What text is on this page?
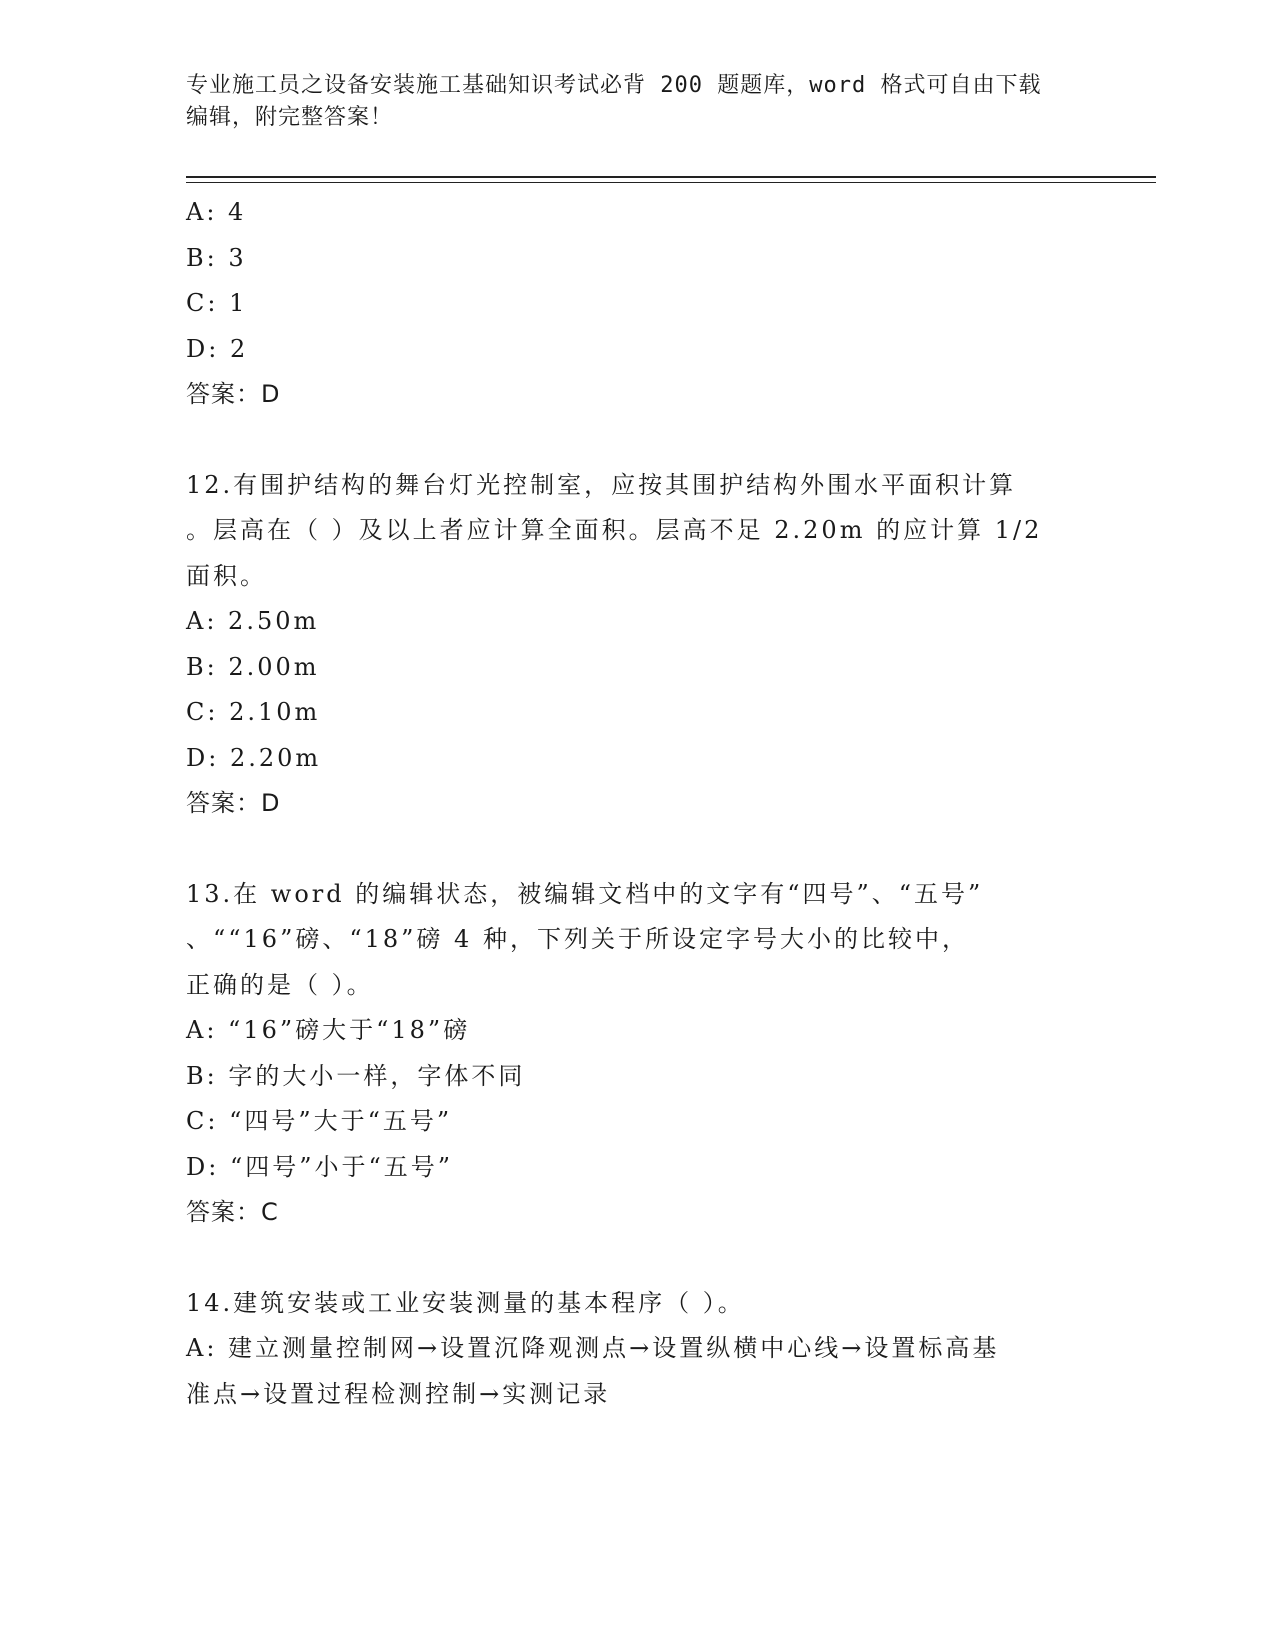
专业施工员之设备安装施工基础知识考试必背 200 题题库，word 格式可自由下载
编辑，附完整答案！
A: 4
B: 3
C: 1
D: 2
答案：D
12.有围护结构的舞台灯光控制室，应按其围护结构外围水平面积计算
。层高在（ ）及以上者应计算全面积。层高不足 2.20m 的应计算 1/2
面积。
A: 2.50m
B: 2.00m
C: 2.10m
D: 2.20m
答案：D
13.在 word 的编辑状态，被编辑文档中的文字有“四号”、“五号”
、““16”磅、“18”磅 4 种，下列关于所设定字号大小的比较中，
正确的是（ ）。
A: “16”磅大于“18”磅
B: 字的大小一样，字体不同
C: “四号”大于“五号”
D: “四号”小于“五号”
答案：C
14.建筑安装或工业安装测量的基本程序（ ）。
A: 建立测量控制网→设置沉降观测点→设置纵横中心线→设置标高基
准点→设置过程检测控制→实测记录
